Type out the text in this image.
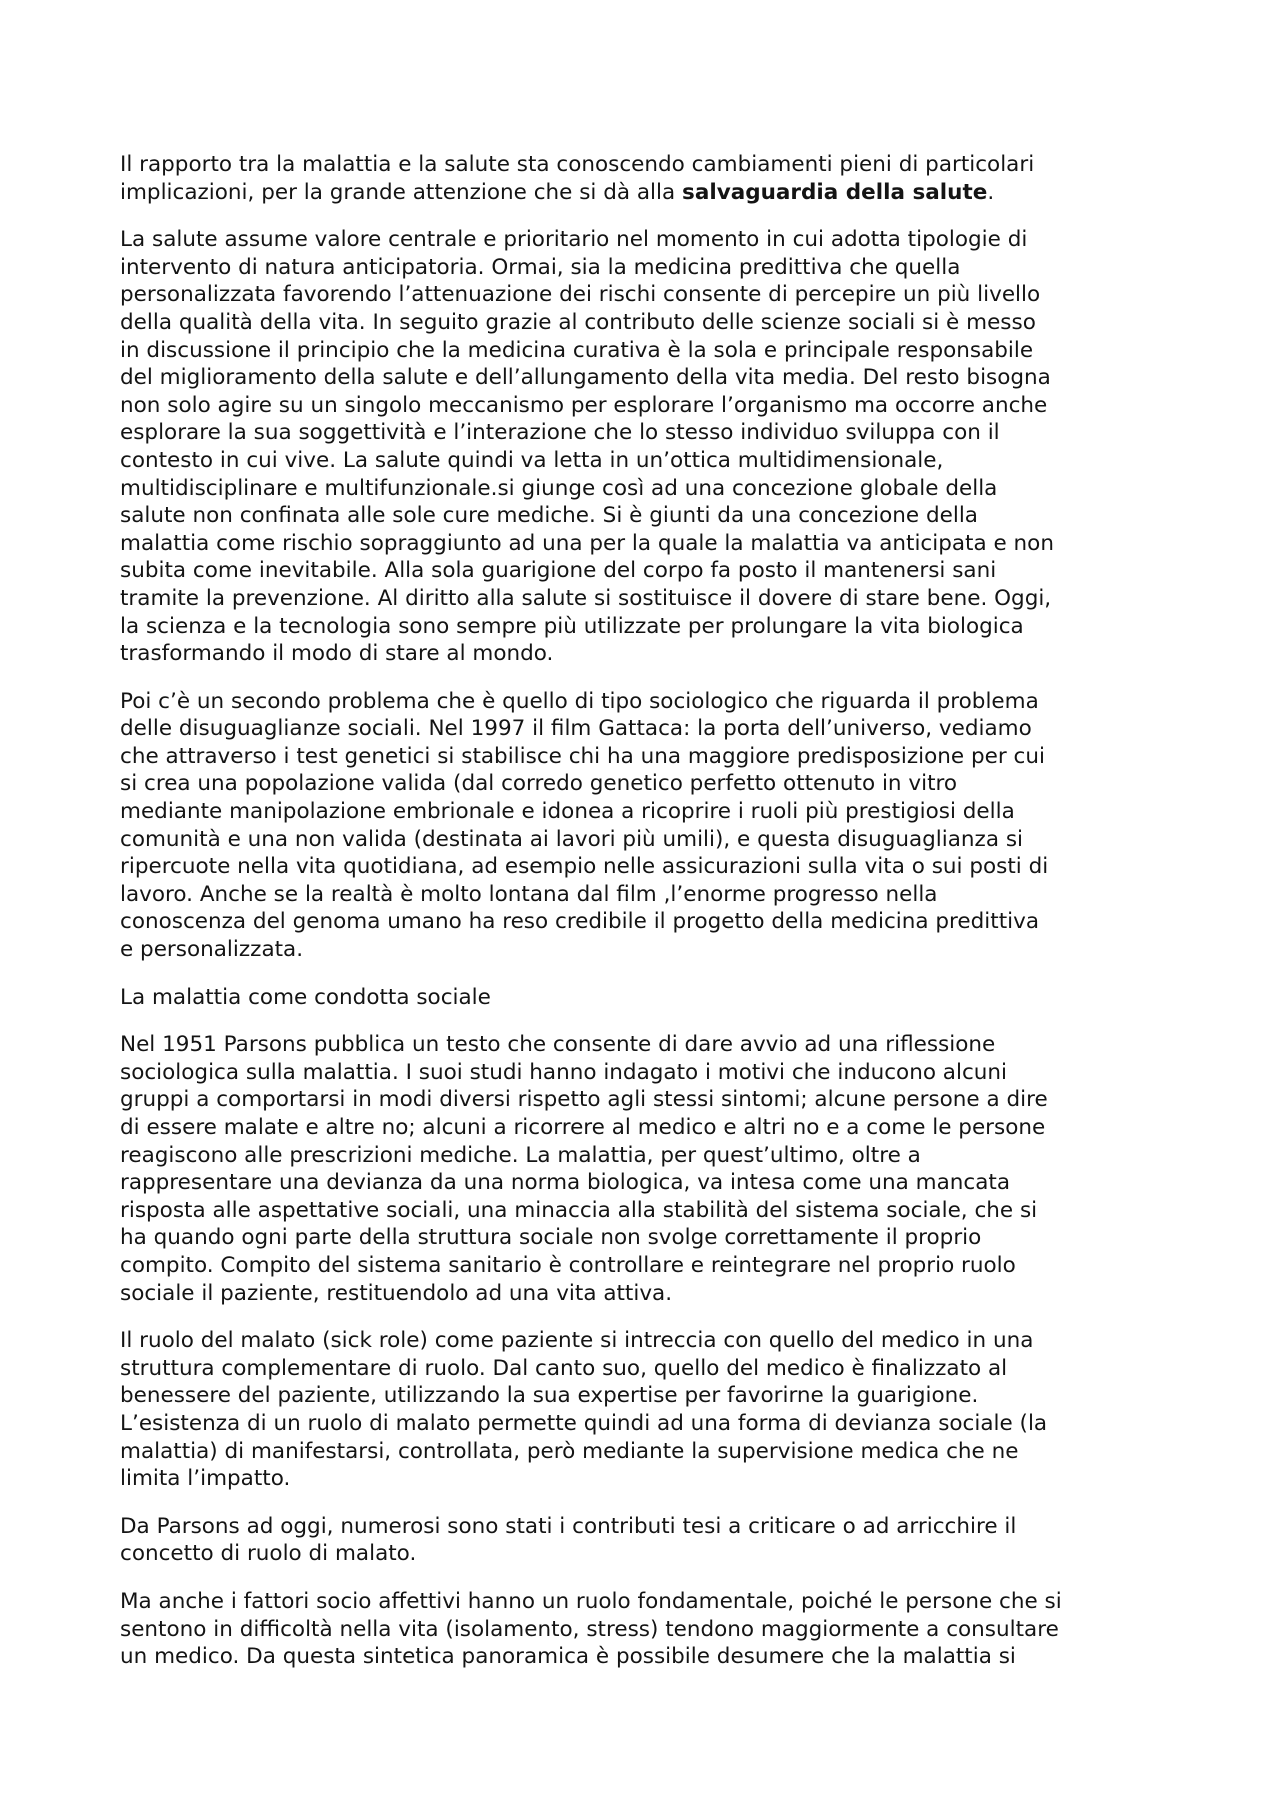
Il rapporto tra la malattia e la salute sta conoscendo cambiamenti pieni di particolari
implicazioni, per la grande attenzione che si dà alla salvaguardia della salute.
La salute assume valore centrale e prioritario nel momento in cui adotta tipologie di
intervento di natura anticipatoria. Ormai, sia la medicina predittiva che quella
personalizzata favorendo l’attenuazione dei rischi consente di percepire un più livello
della qualità della vita. In seguito grazie al contributo delle scienze sociali si è messo
in discussione il principio che la medicina curativa è la sola e principale responsabile
del miglioramento della salute e dell’allungamento della vita media. Del resto bisogna
non solo agire su un singolo meccanismo per esplorare l’organismo ma occorre anche
esplorare la sua soggettività e l’interazione che lo stesso individuo sviluppa con il
contesto in cui vive. La salute quindi va letta in un’ottica multidimensionale,
multidisciplinare e multifunzionale.si giunge così ad una concezione globale della
salute non confinata alle sole cure mediche. Si è giunti da una concezione della
malattia come rischio sopraggiunto ad una per la quale la malattia va anticipata e non
subita come inevitabile. Alla sola guarigione del corpo fa posto il mantenersi sani
tramite la prevenzione. Al diritto alla salute si sostituisce il dovere di stare bene. Oggi,
la scienza e la tecnologia sono sempre più utilizzate per prolungare la vita biologica
trasformando il modo di stare al mondo.
Poi c’è un secondo problema che è quello di tipo sociologico che riguarda il problema
delle disuguaglianze sociali. Nel 1997 il film Gattaca: la porta dell’universo, vediamo
che attraverso i test genetici si stabilisce chi ha una maggiore predisposizione per cui
si crea una popolazione valida (dal corredo genetico perfetto ottenuto in vitro
mediante manipolazione embrionale e idonea a ricoprire i ruoli più prestigiosi della
comunità e una non valida (destinata ai lavori più umili), e questa disuguaglianza si
ripercuote nella vita quotidiana, ad esempio nelle assicurazioni sulla vita o sui posti di
lavoro. Anche se la realtà è molto lontana dal film ,l’enorme progresso nella
conoscenza del genoma umano ha reso credibile il progetto della medicina predittiva
e personalizzata.
La malattia come condotta sociale
Nel 1951 Parsons pubblica un testo che consente di dare avvio ad una riflessione
sociologica sulla malattia. I suoi studi hanno indagato i motivi che inducono alcuni
gruppi a comportarsi in modi diversi rispetto agli stessi sintomi; alcune persone a dire
di essere malate e altre no; alcuni a ricorrere al medico e altri no e a come le persone
reagiscono alle prescrizioni mediche. La malattia, per quest’ultimo, oltre a
rappresentare una devianza da una norma biologica, va intesa come una mancata
risposta alle aspettative sociali, una minaccia alla stabilità del sistema sociale, che si
ha quando ogni parte della struttura sociale non svolge correttamente il proprio
compito. Compito del sistema sanitario è controllare e reintegrare nel proprio ruolo
sociale il paziente, restituendolo ad una vita attiva.
Il ruolo del malato (sick role) come paziente si intreccia con quello del medico in una
struttura complementare di ruolo. Dal canto suo, quello del medico è finalizzato al
benessere del paziente, utilizzando la sua expertise per favorirne la guarigione.
L’esistenza di un ruolo di malato permette quindi ad una forma di devianza sociale (la
malattia) di manifestarsi, controllata, però mediante la supervisione medica che ne
limita l’impatto.
Da Parsons ad oggi, numerosi sono stati i contributi tesi a criticare o ad arricchire il
concetto di ruolo di malato.
Ma anche i fattori socio affettivi hanno un ruolo fondamentale, poiché le persone che si
sentono in difficoltà nella vita (isolamento, stress) tendono maggiormente a consultare
un medico. Da questa sintetica panoramica è possibile desumere che la malattia si
